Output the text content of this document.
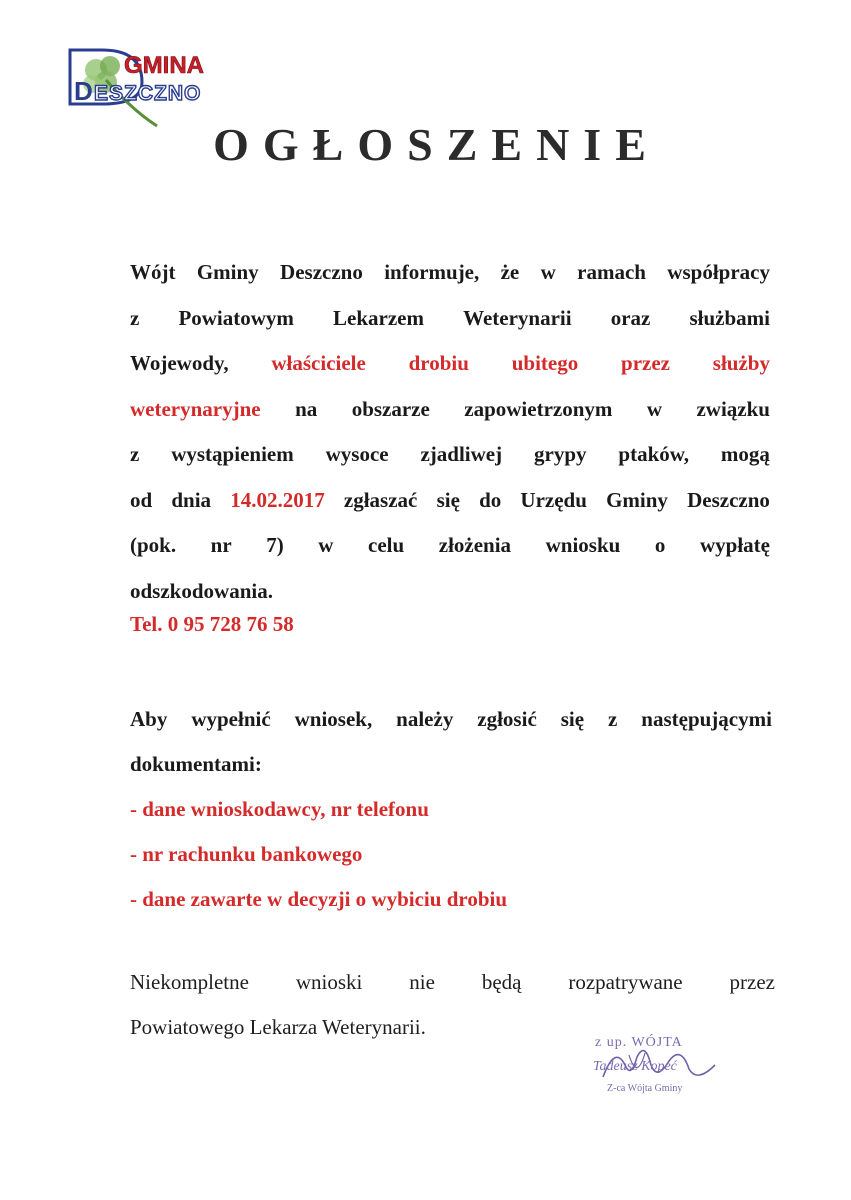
GMINA
D ESZCZNO
OGŁOSZENIE
Wójt Gminy Deszczno informuje, że w ramach współpracy
z Powiatowym Lekarzem Weterynarii oraz służbami
Wojewody, właściciele drobiu ubitego przez służby
weterynaryjne na obszarze zapowietrzonym w związku
z wystąpieniem wysoce zjadliwej grypy ptaków, mogą
od dnia 14.02.2017 zgłaszać się do Urzędu Gminy Deszczno
(pok. nr 7) w celu złożenia wniosku o wypłatę
odszkodowania.
Tel. 0 95 728 76 58
Aby wypełnić wniosek, należy zgłosić się z następującymi
dokumentami:
- dane wnioskodawcy, nr telefonu
- nr rachunku bankowego
- dane zawarte w decyzji o wybiciu drobiu
Niekompletne wnioski nie będą rozpatrywane przez
Powiatowego Lekarza Weterynarii.
z up. WÓJTA
Tadeusz Kopeć
Z-ca Wójta Gminy
